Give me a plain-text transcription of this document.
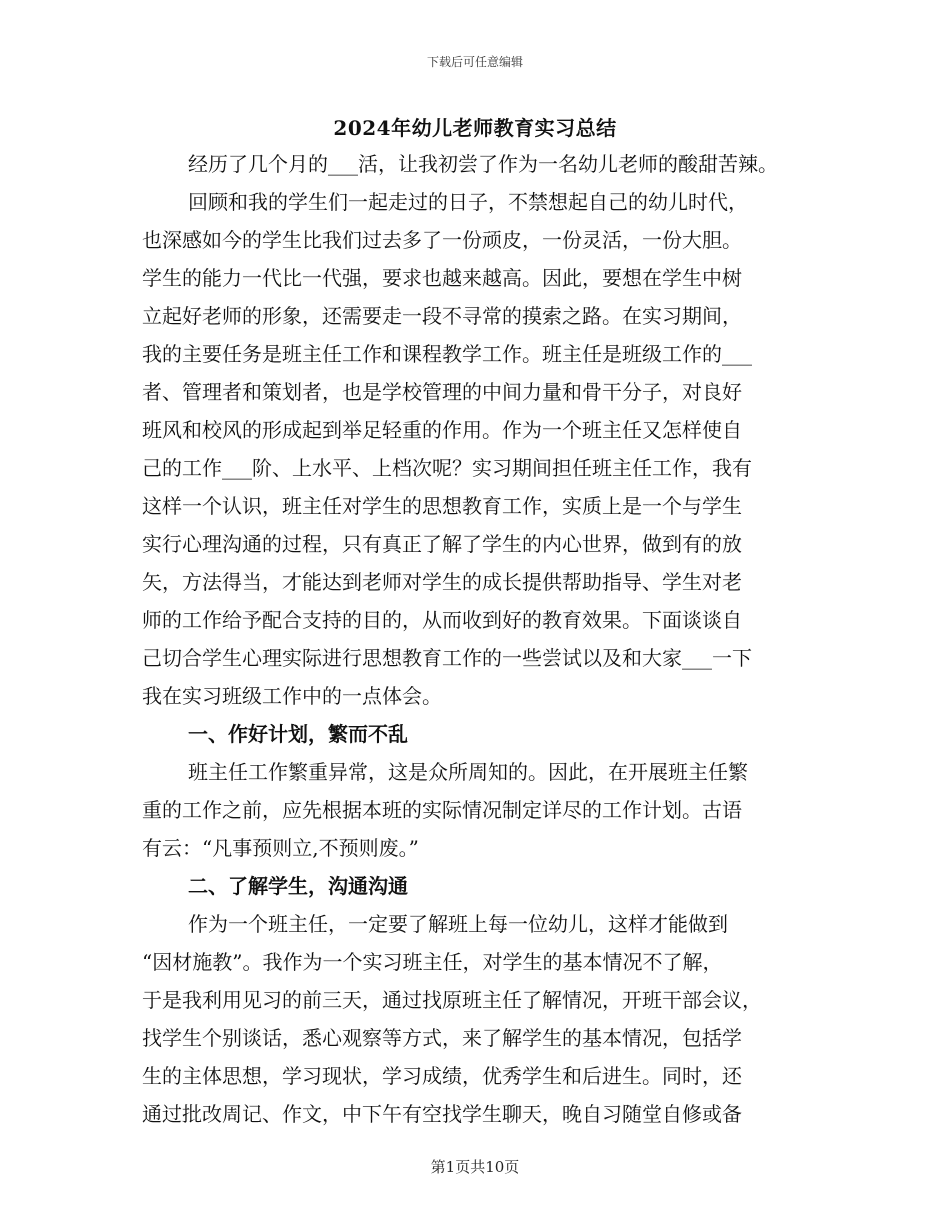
下载后可任意编辑
2024年幼儿老师教育实习总结
经历了几个月的___活，让我初尝了作为一名幼儿老师的酸甜苦辣。
回顾和我的学生们一起走过的日子，不禁想起自己的幼儿时代，
也深感如今的学生比我们过去多了一份顽皮，一份灵活，一份大胆。
学生的能力一代比一代强，要求也越来越高。因此，要想在学生中树
立起好老师的形象，还需要走一段不寻常的摸索之路。在实习期间，
我的主要任务是班主任工作和课程教学工作。班主任是班级工作的___
者、管理者和策划者，也是学校管理的中间力量和骨干分子，对良好
班风和校风的形成起到举足轻重的作用。作为一个班主任又怎样使自
己的工作___阶、上水平、上档次呢？实习期间担任班主任工作，我有
这样一个认识，班主任对学生的思想教育工作，实质上是一个与学生
实行心理沟通的过程，只有真正了解了学生的内心世界，做到有的放
矢，方法得当，才能达到老师对学生的成长提供帮助指导、学生对老
师的工作给予配合支持的目的，从而收到好的教育效果。下面谈谈自
己切合学生心理实际进行思想教育工作的一些尝试以及和大家___一下
我在实习班级工作中的一点体会。
一、作好计划，繁而不乱
班主任工作繁重异常，这是众所周知的。因此，在开展班主任繁
重的工作之前，应先根据本班的实际情况制定详尽的工作计划。古语
有云：“凡事预则立,不预则废。”
二、了解学生，沟通沟通
作为一个班主任，一定要了解班上每一位幼儿，这样才能做到
“因材施教”。我作为一个实习班主任，对学生的基本情况不了解，
于是我利用见习的前三天，通过找原班主任了解情况，开班干部会议，
找学生个别谈话，悉心观察等方式，来了解学生的基本情况，包括学
生的主体思想，学习现状，学习成绩，优秀学生和后进生。同时，还
通过批改周记、作文，中下午有空找学生聊天，晚自习随堂自修或备
第1页共10页
